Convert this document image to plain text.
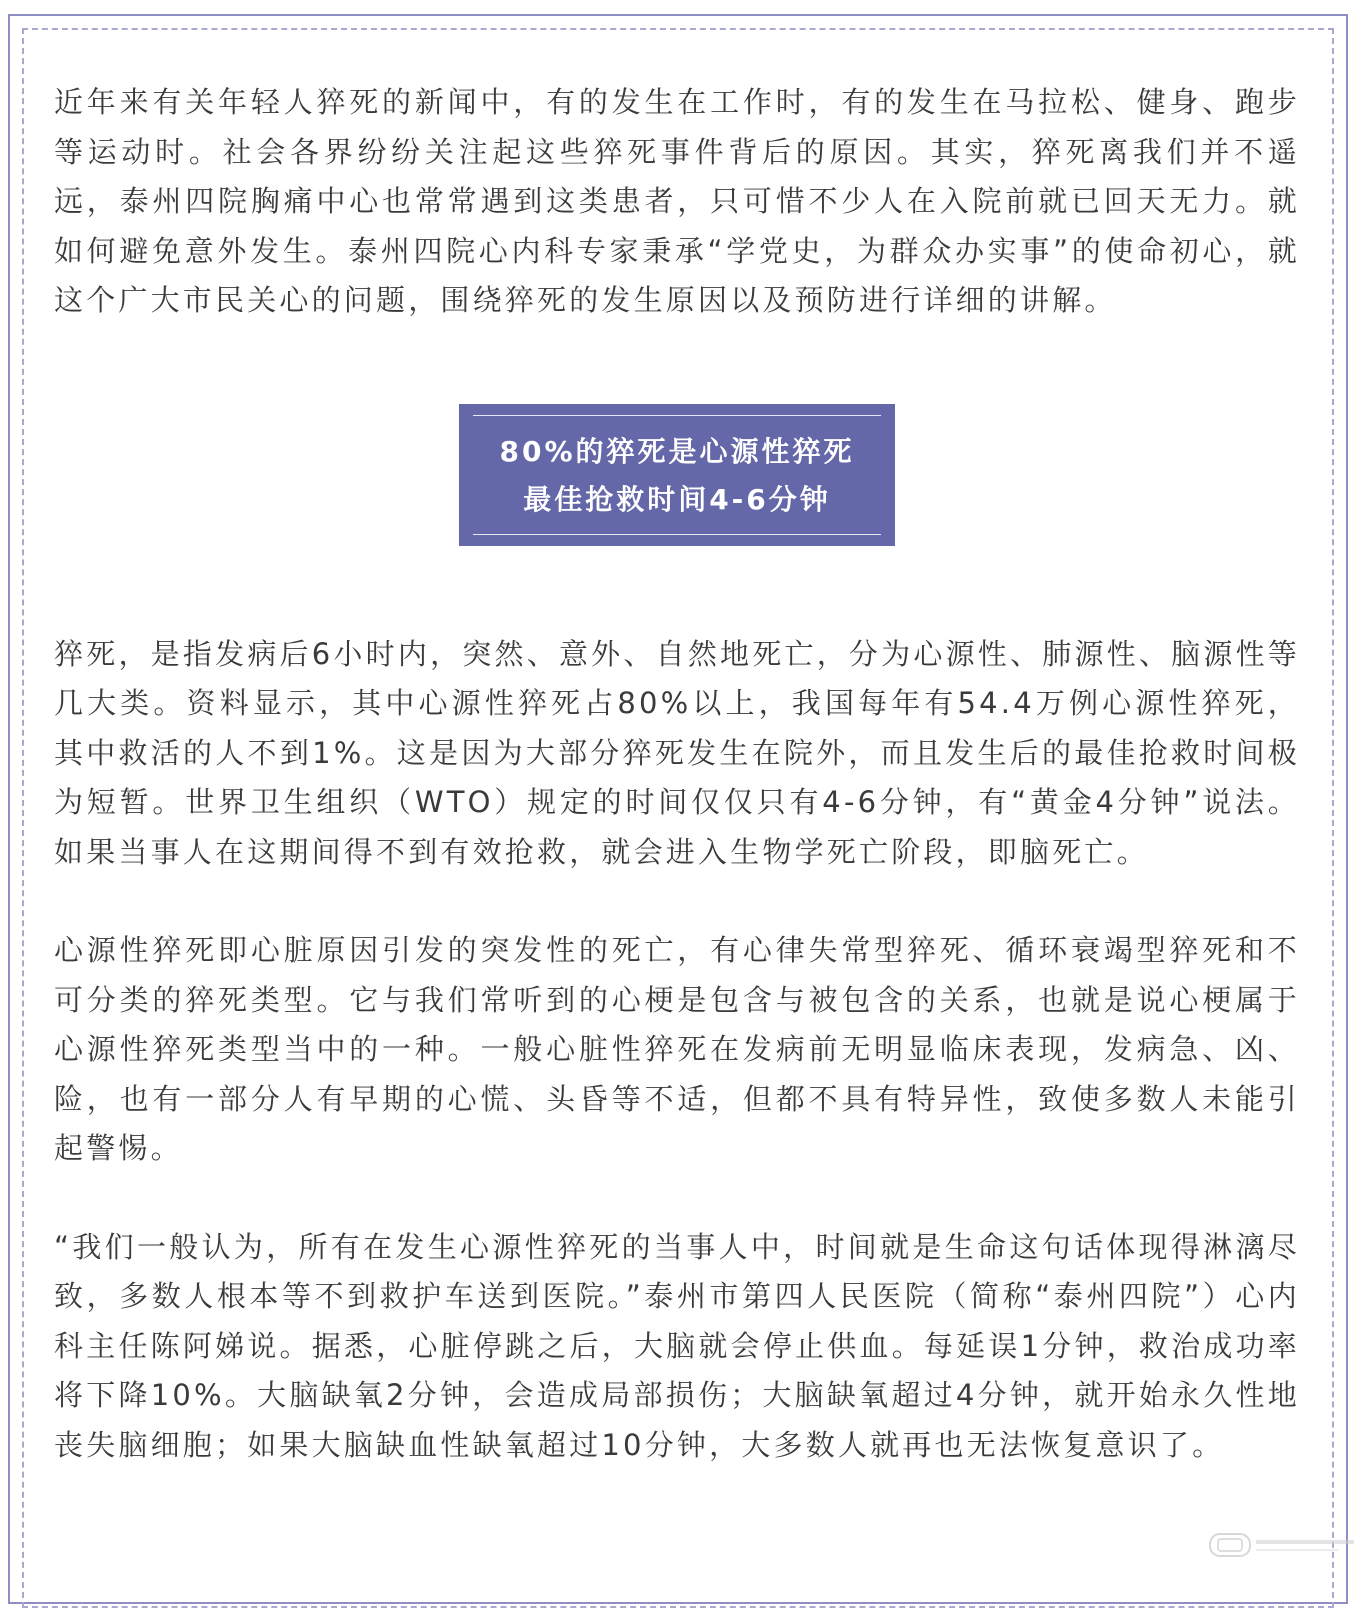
近年来有关年轻人猝死的新闻中，有的发生在工作时，有的发生在马拉松、健身、跑步等运动时。社会各界纷纷关注起这些猝死事件背后的原因。其实，猝死离我们并不遥远，泰州四院胸痛中心也常常遇到这类患者，只可惜不少人在入院前就已回天无力。就如何避免意外发生。泰州四院心内科专家秉承“学党史，为群众办实事”的使命初心，就这个广大市民关心的问题，围绕猝死的发生原因以及预防进行详细的讲解。

80%的猝死是心源性猝死
最佳抢救时间4-6分钟

猝死，是指发病后6小时内，突然、意外、自然地死亡，分为心源性、肺源性、脑源性等几大类。资料显示，其中心源性猝死占80%以上，我国每年有54.4万例心源性猝死，其中救活的人不到1%。这是因为大部分猝死发生在院外，而且发生后的最佳抢救时间极为短暂。世界卫生组织（WTO）规定的时间仅仅只有4-6分钟，有“黄金4分钟”说法。如果当事人在这期间得不到有效抢救，就会进入生物学死亡阶段，即脑死亡。

心源性猝死即心脏原因引发的突发性的死亡，有心律失常型猝死、循环衰竭型猝死和不可分类的猝死类型。它与我们常听到的心梗是包含与被包含的关系，也就是说心梗属于心源性猝死类型当中的一种。一般心脏性猝死在发病前无明显临床表现，发病急、凶、险，也有一部分人有早期的心慌、头昏等不适，但都不具有特异性，致使多数人未能引起警惕。

“我们一般认为，所有在发生心源性猝死的当事人中，时间就是生命这句话体现得淋漓尽致，多数人根本等不到救护车送到医院。”泰州市第四人民医院（简称“泰州四院”）心内科主任陈阿娣说。据悉，心脏停跳之后，大脑就会停止供血。每延误1分钟，救治成功率将下降10%。大脑缺氧2分钟，会造成局部损伤；大脑缺氧超过4分钟，就开始永久性地丧失脑细胞；如果大脑缺血性缺氧超过10分钟，大多数人就再也无法恢复意识了。
